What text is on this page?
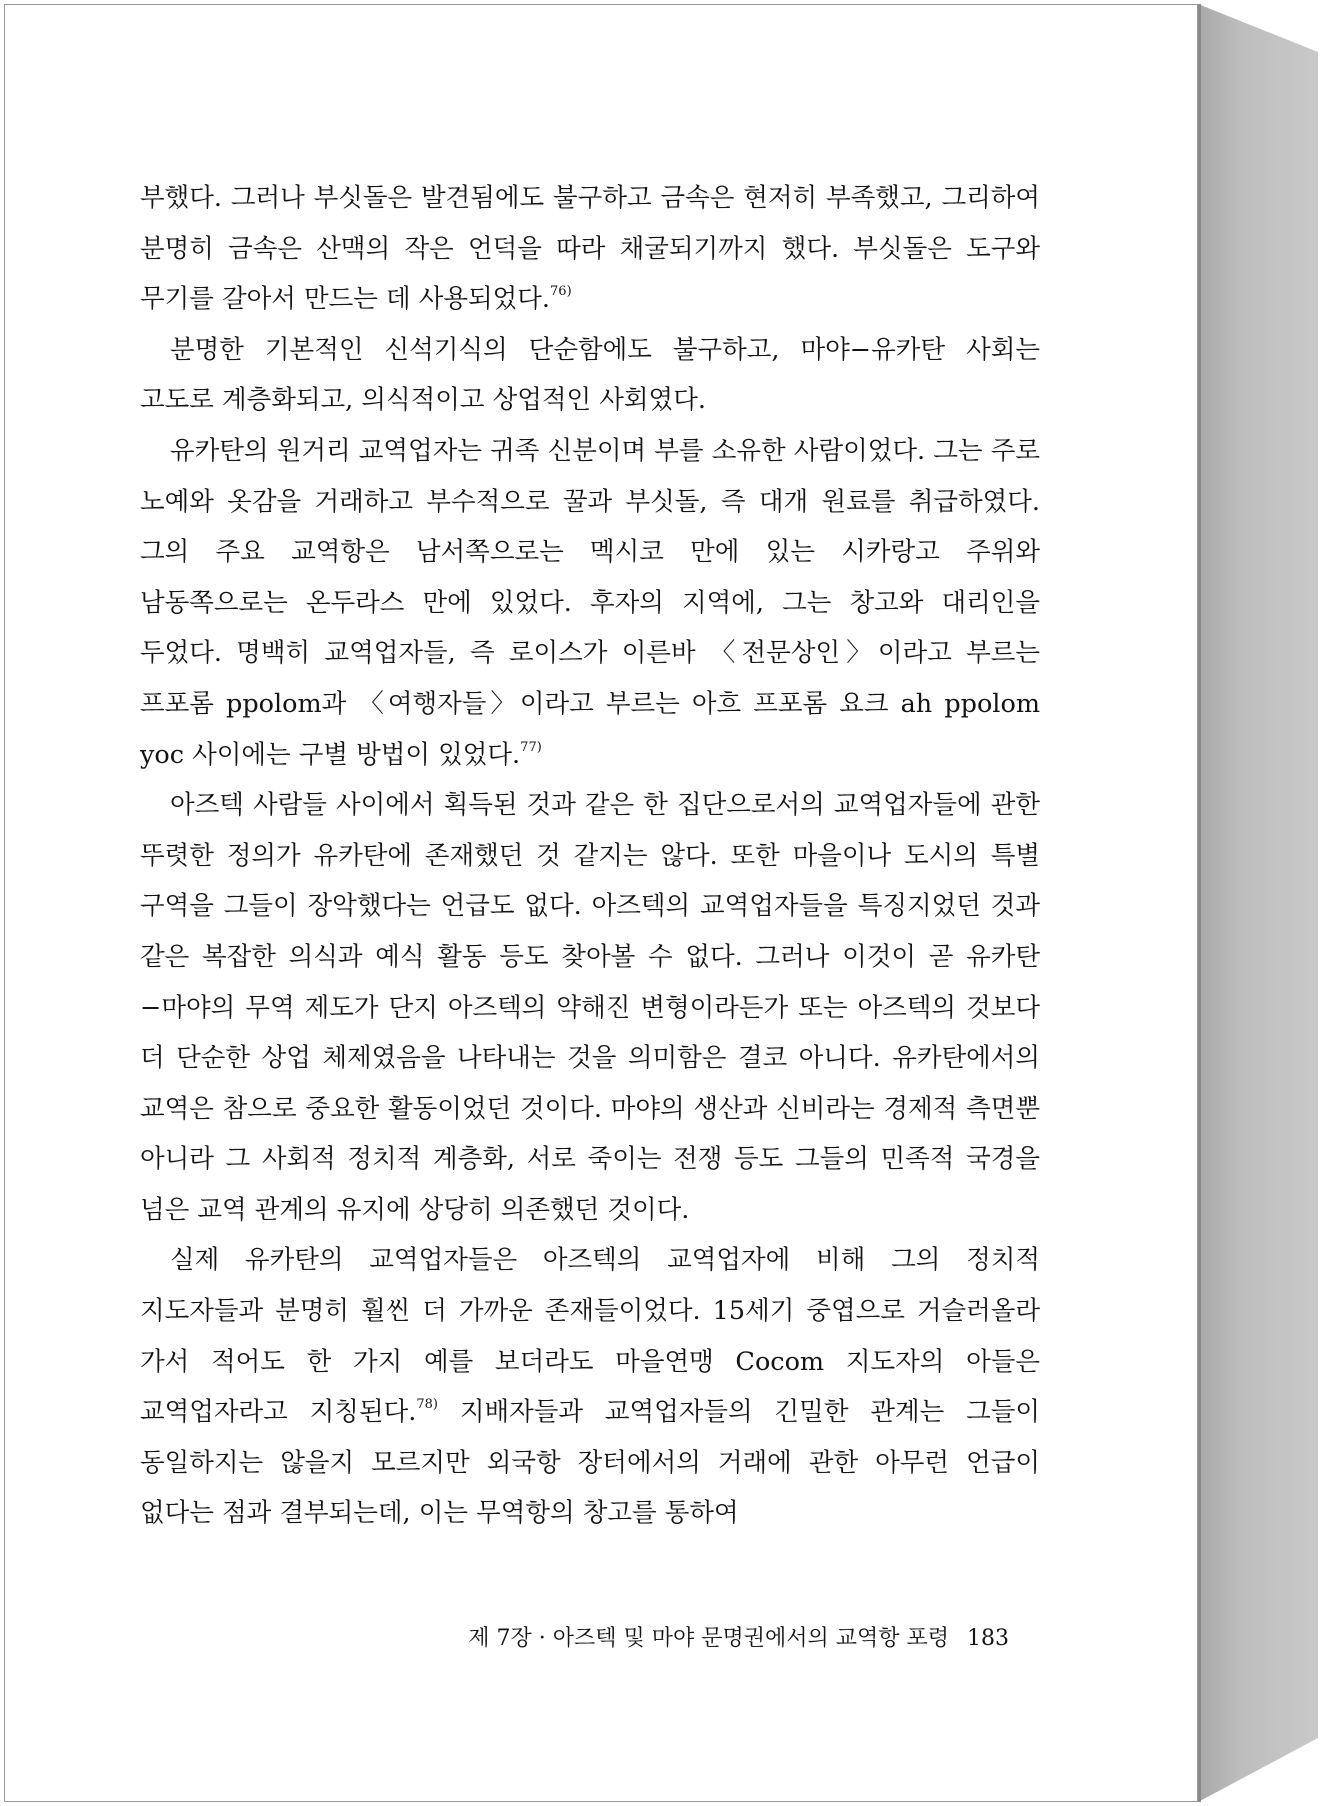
부했다. 그러나 부싯돌은 발견됨에도 불구하고 금속은 현저히 부족했고, 그리하여 분명히 금속은 산맥의 작은 언덕을 따라 채굴되기까지 했다. 부싯돌은 도구와 무기를 갈아서 만드는 데 사용되었다.$^{76)}$

분명한 기본적인 신석기식의 단순함에도 불구하고, 마야−유카탄 사회는 고도로 계층화되고, 의식적이고 상업적인 사회였다.

유카탄의 원거리 교역업자는 귀족 신분이며 부를 소유한 사람이었다. 그는 주로 노예와 옷감을 거래하고 부수적으로 꿀과 부싯돌, 즉 대개 원료를 취급하였다. 그의 주요 교역항은 남서쪽으로는 멕시코 만에 있는 시카랑고 주위와 남동쪽으로는 온두라스 만에 있었다. 후자의 지역에, 그는 창고와 대리인을 두었다. 명백히 교역업자들, 즉 로이스가 이른바 〈전문상인〉이라고 부르는 프포롬 ppolom과 〈여행자들〉이라고 부르는 아흐 프포롬 요크 ah ppolom yoc 사이에는 구별 방법이 있었다.$^{77)}$

아즈텍 사람들 사이에서 획득된 것과 같은 한 집단으로서의 교역업자들에 관한 뚜렷한 정의가 유카탄에 존재했던 것 같지는 않다. 또한 마을이나 도시의 특별 구역을 그들이 장악했다는 언급도 없다. 아즈텍의 교역업자들을 특징지었던 것과 같은 복잡한 의식과 예식 활동 등도 찾아볼 수 없다. 그러나 이것이 곧 유카탄−마야의 무역 제도가 단지 아즈텍의 약해진 변형이라든가 또는 아즈텍의 것보다 더 단순한 상업 체제였음을 나타내는 것을 의미함은 결코 아니다. 유카탄에서의 교역은 참으로 중요한 활동이었던 것이다. 마야의 생산과 신비라는 경제적 측면뿐 아니라 그 사회적 정치적 계층화, 서로 죽이는 전쟁 등도 그들의 민족적 국경을 넘은 교역 관계의 유지에 상당히 의존했던 것이다.

실제 유카탄의 교역업자들은 아즈텍의 교역업자에 비해 그의 정치적 지도자들과 분명히 훨씬 더 가까운 존재들이었다. 15세기 중엽으로 거슬러올라 가서 적어도 한 가지 예를 보더라도 마을연맹 Cocom 지도자의 아들은 교역업자라고 지칭된다.$^{78)}$ 지배자들과 교역업자들의 긴밀한 관계는 그들이 동일하지는 않을지 모르지만 외국항 장터에서의 거래에 관한 아무런 언급이 없다는 점과 결부되는데, 이는 무역항의 창고를 통하여

제 7장 · 아즈텍 및 마야 문명권에서의 교역항 포령 183
